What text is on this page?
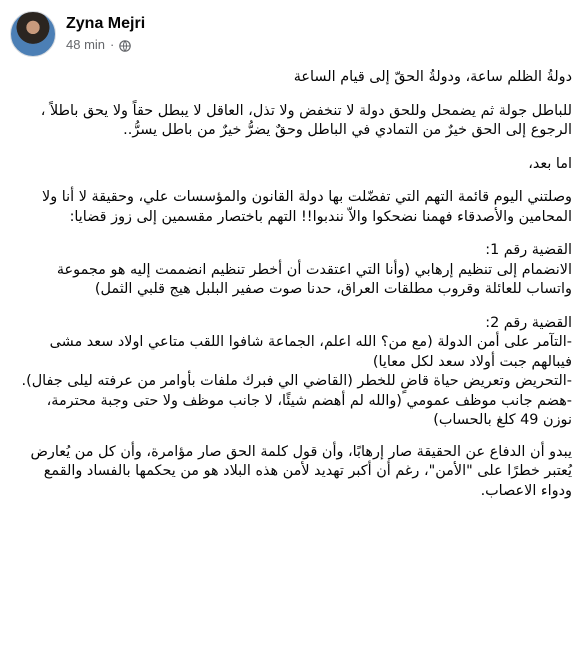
Zyna Mejri
48 min ·

دولةُ الظلم ساعة، ودولةُ الحقّ إلى قيام الساعة

للباطل جولة ثم يضمحل وللحق دولة لا تنخفض ولا تذل، العاقل لا يبطل حقاً ولا يحق باطلاً ، الرجوع إلى الحق خيرٌ من التمادي في الباطل وحقٌ يضرُّ خيرٌ من باطل يسرُّ..

اما بعد،

وصلتني اليوم قائمة التهم التي تفضّلت بها دولة القانون والمؤسسات علي، وحقيقة لا أنا ولا المحامين والأصدقاء فهمنا نضحكوا والاّ نندبوا!! التهم باختصار مقسمين إلى زوز قضايا:

القضية رقم 1:
الانضمام إلى تنظيم إرهابي (وأنا التي اعتقدت أن أخطر تنظيم انضممت إليه هو مجموعة واتساب للعائلة وقروب مطلقات العراق، حدنا صوت صفير البلبل هيج قلبي الثمل)

القضية رقم 2:
-التآمر على أمن الدولة (مع من؟ الله اعلم، الجماعة شافوا اللقب متاعي اولاد سعد مشى فيبالهم جبت أولاد سعد لكل معايا)
-التحريض وتعريض حياة قاضٍ للخطر (القاضي الي فبرك ملفات بأوامر من عرفته ليلى جفال).
-هضم جانب موظف عمومي (والله لم أهضم شيئًا، لا جانب موظف ولا حتى وجبة محترمة، نوزن 49 كلغ بالحساب)

يبدو أن الدفاع عن الحقيقة صار إرهابًا، وأن قول كلمة الحق صار مؤامرة، وأن كل من يُعارض يُعتبر خطرًا على "الأمن"، رغم أن أكبر تهديد لأمن هذه البلاد هو من يحكمها بالفساد والقمع ودواء الاعصاب.
